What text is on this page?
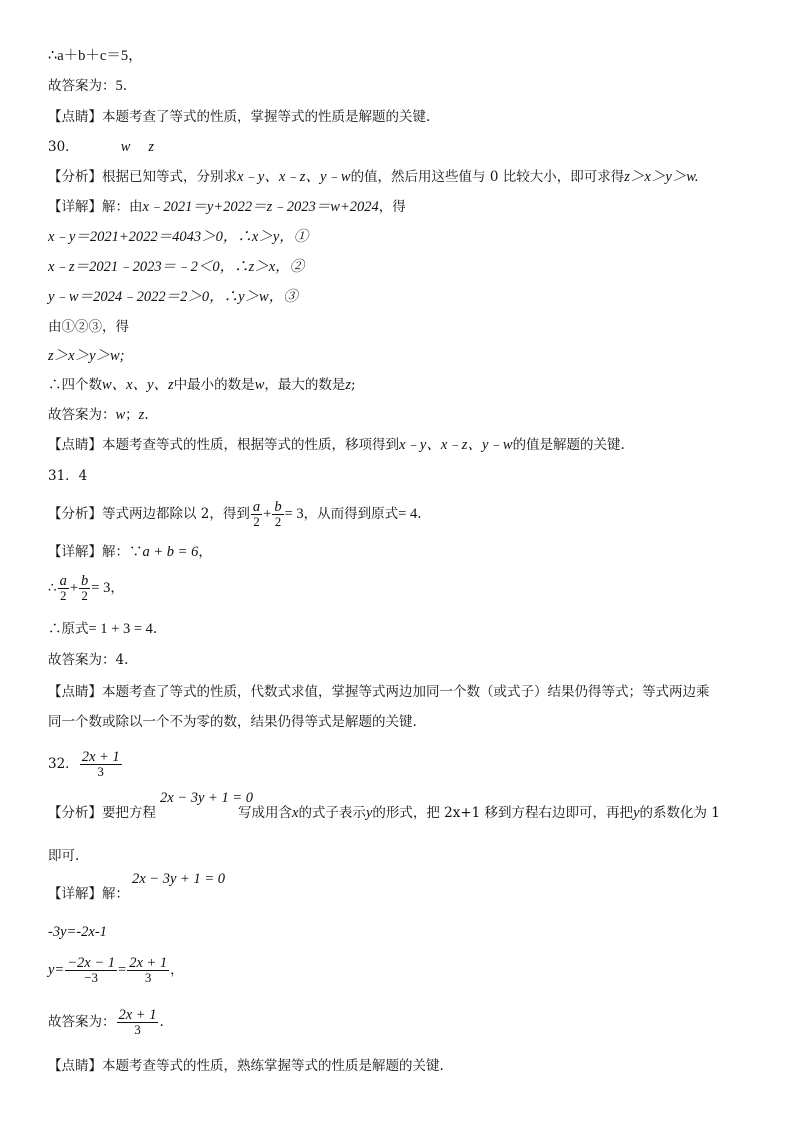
∴a＋b＋c＝5，
故答案为：5.
【点睛】本题考查了等式的性质，掌握等式的性质是解题的关键.
30．	w z
【分析】根据已知等式，分别求x﹣y、x﹣z、y﹣w的值，然后用这些值与 0 比较大小，即可求得z＞x＞y＞w.
【详解】解：由x﹣2021＝y+2022＝z﹣2023＝w+2024，得
x﹣y＝2021+2022＝4043＞0，∴x＞y，①
x﹣z＝2021﹣2023＝﹣2＜0，∴z＞x，②
y﹣w＝2024﹣2022＝2＞0，∴y＞w，③
由①②③，得
z＞x＞y＞w;
∴四个数w、x、y、z中最小的数是w，最大的数是z;
故答案为：w；z.
【点睛】本题考查等式的性质，根据等式的性质，移项得到x﹣y、x﹣z、y﹣w的值是解题的关键.
31．4
【分析】等式两边都除以 2，得到 $\frac{a}{2} + \frac{b}{2} = 3$，从而得到原式= 4.
【详解】解：∵a + b = 6，
∴ $\frac{a}{2} + \frac{b}{2} = 3$，
∴原式= 1 + 3 = 4.
故答案为：4.
【点睛】本题考查了等式的性质，代数式求值，掌握等式两边加同一个数（或式子）结果仍得等式；等式两边乘
同一个数或除以一个不为零的数，结果仍得等式是解题的关键.
32． $\frac{2x + 1}{3}$
2x − 3y + 1 = 0
【分析】要把方程	写成用含x的式子表示y的形式，把 2x+1 移到方程右边即可，再把y的系数化为 1
即可.
2x − 3y + 1 = 0
【详解】解：
-3y=-2x-1
$y= \frac{-2x - 1}{-3} = \frac{2x + 1}{3}$ ，
故答案为： $\frac{2x + 1}{3}$ .
【点睛】本题考查等式的性质，熟练掌握等式的性质是解题的关键.
